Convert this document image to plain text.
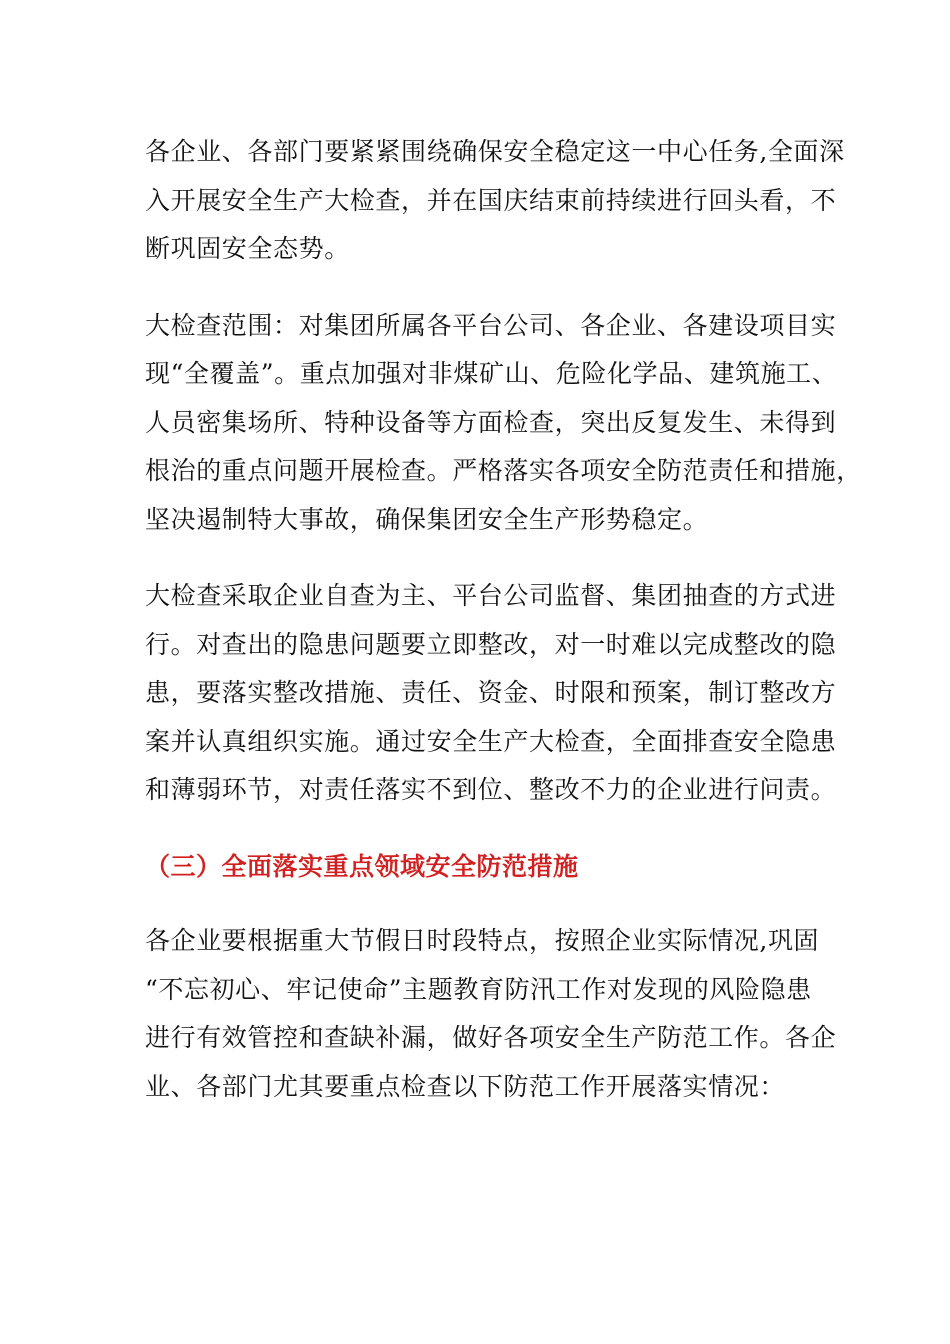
各企业、各部门要紧紧围绕确保安全稳定这一中心任务,全面深
入开展安全生产大检查，并在国庆结束前持续进行回头看，不
断巩固安全态势。

大检查范围：对集团所属各平台公司、各企业、各建设项目实
现“全覆盖”。重点加强对非煤矿山、危险化学品、建筑施工、
人员密集场所、特种设备等方面检查，突出反复发生、未得到
根治的重点问题开展检查。严格落实各项安全防范责任和措施，
坚决遏制特大事故，确保集团安全生产形势稳定。

大检查采取企业自查为主、平台公司监督、集团抽查的方式进
行。对查出的隐患问题要立即整改，对一时难以完成整改的隐
患，要落实整改措施、责任、资金、时限和预案，制订整改方
案并认真组织实施。通过安全生产大检查，全面排查安全隐患
和薄弱环节，对责任落实不到位、整改不力的企业进行问责。

（三）全面落实重点领域安全防范措施

各企业要根据重大节假日时段特点，按照企业实际情况,巩固
“不忘初心、牢记使命”主题教育防汛工作对发现的风险隐患
进行有效管控和查缺补漏，做好各项安全生产防范工作。各企
业、各部门尤其要重点检查以下防范工作开展落实情况：
